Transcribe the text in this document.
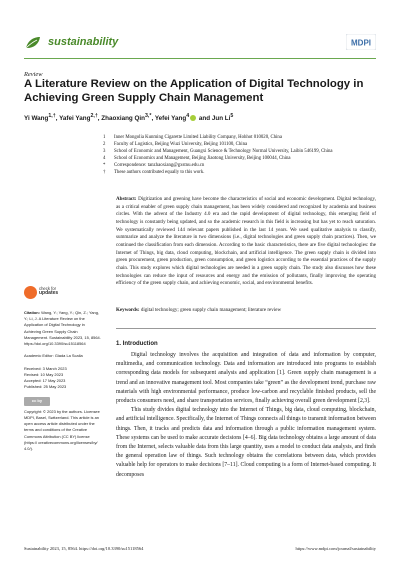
sustainability	MDPI
Review
A Literature Review on the Application of Digital Technology in Achieving Green Supply Chain Management
Yi Wang$^{1,\dagger}$, Yafei Yang$^{2,\dagger}$, Zhaoxiang Qin$^{3,*}$, Yefei Yang$^4$ and Jun Li$^5$
1	Inner Mongolia Kunming Cigarette Limited Liability Company, Hohhot 010020, China
2	Faculty of Logistics, Beijing Wuzi University, Beijing 101100, China
3	School of Economic and Management, Guangxi Science & Technology Normal University, Laibin 546199, China
4	School of Economics and Management, Beijing Jiaotong University, Beijing 100044, China
*	Correspondence: tanzhaoxiang@gxstnu.edu.cn
†	These authors contributed equally to this work.
Abstract: Digitization and greening have become the characteristics of social and economic development. Digital technology, as a critical enabler of green supply chain management, has been widely considered and recognized by academia and business circles. With the advent of the Industry 4.0 era and the rapid development of digital technology, this emerging field of technology is constantly being updated, and so the academic research in this field is increasing but has yet to reach saturation. We systematically reviewed 144 relevant papers published in the last 14 years. We used qualitative analysis to classify, summarize and analyze the literature in two dimensions (i.e., digital technologies and green supply chain practices). Then, we continued the classification from each dimension. According to the basic characteristics, there are five digital technologies: the Internet of Things, big data, cloud computing, blockchain, and artificial intelligence. The green supply chain is divided into green procurement, green production, green consumption, and green logistics according to the essential practices of the supply chain. This study explores which digital technologies are needed in a green supply chain. The study also discusses how these technologies can reduce the input of resources and energy and the emission of pollutants, finally improving the operating efficiency of the green supply chain, and achieving economic, social, and environmental benefits.
Keywords: digital technology; green supply chain management; literature review
check for
updates
Citation: Wang, Y.; Yang, Y.; Qin, Z.; Yang, Y.; Li, J. A Literature Review on the Application of Digital Technology in Achieving Green Supply Chain Management. Sustainability 2023, 15, 8564. https://doi.org/10.3390/su15118564
Academic Editor: Giada La Scalia
Received: 3 March 2023
Revised: 10 May 2023
Accepted: 17 May 2023
Published: 25 May 2023
cc by
Copyright: © 2023 by the authors. Licensee MDPI, Basel, Switzerland. This article is an open access article distributed under the terms and conditions of the Creative Commons Attribution (CC BY) license (https:// creativecommons.org/licenses/by/ 4.0/).
1. Introduction

Digital technology involves the acquisition and integration of data and information by computer, multimedia, and communication technology. Data and information are introduced into programs to establish corresponding data models for subsequent analysis and application [1]. Green supply chain management is a trend and an innovative management tool. Most companies take “green” as the development trend, purchase raw materials with high environmental performance, produce low-carbon and recyclable finished products, sell the products consumers need, and share transportation services, finally achieving overall green development [2,3].

This study divides digital technology into the Internet of Things, big data, cloud computing, blockchain, and artificial intelligence. Specifically, the Internet of Things connects all things to transmit information between things. Then, it tracks and predicts data and information through a public information management system. These systems can be used to make accurate decisions [4–6]. Big data technology obtains a large amount of data from the Internet, selects valuable data from this large quantity, uses a model to conduct data analysis, and finds the general operation law of things. Such technology obtains the correlations between data, which provides valuable help for operators to make decisions [7–11]. Cloud computing is a form of Internet-based computing. It decomposes

Sustainability 2023, 15, 8564. https://doi.org/10.3390/su15118564	https://www.mdpi.com/journal/sustainability
